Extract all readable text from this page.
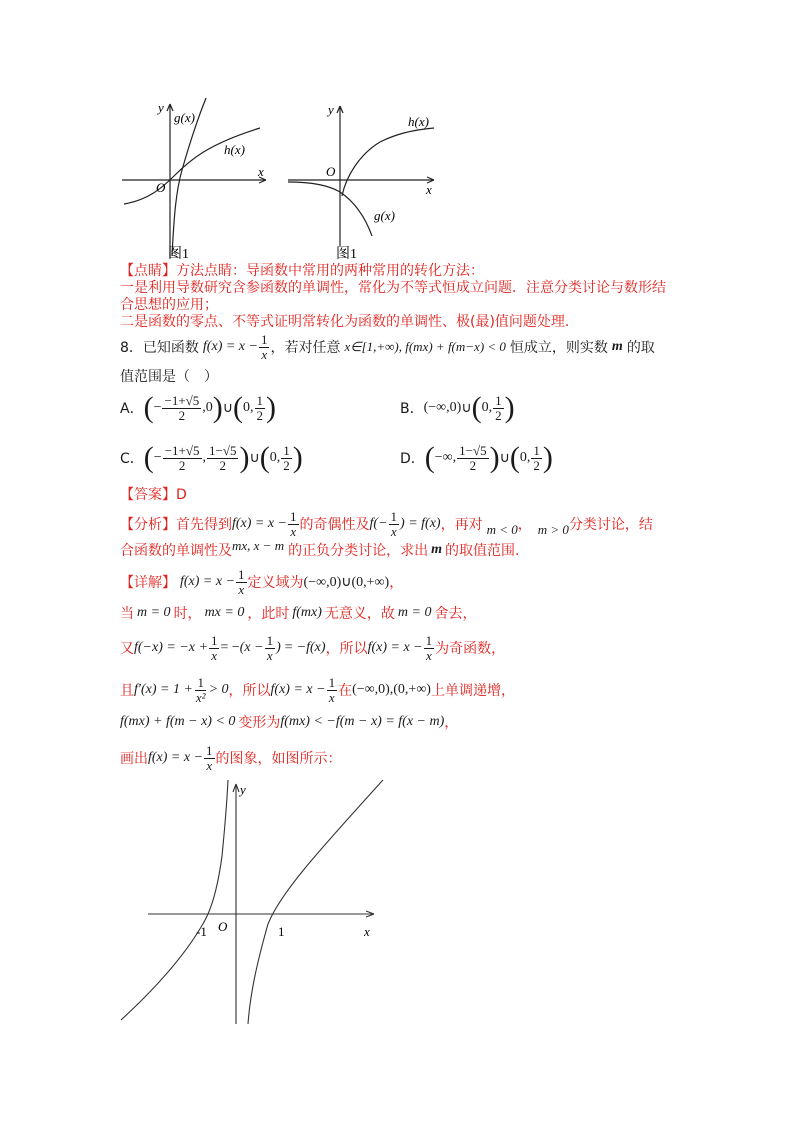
y
x
O
g(x)
h(x)
图1
y
x
O
g(x)
h(x)
图1
【点睛】方法点睛：导函数中常用的两种常用的转化方法：
一是利用导数研究含参函数的单调性，常化为不等式恒成立问题．注意分类讨论与数形结
合思想的应用；
二是函数的零点、不等式证明常转化为函数的单调性、极(最)值问题处理．
8． 已知函数 $f(x) = x - \frac{1}{x}$ ，若对任意 x∈[1,+∞), f(mx) + f(m−x) < 0 恒成立，则实数 m 的取
值范围是（　）
A． ( − $\frac{-1+√5}{2} ,0$ ) ∪ ( 0, $\frac{1}{2}$ )	B． (−∞,0) ∪ ( 0, $\frac{1}{2}$ )
C． ( − $\frac{-1+√5}{2}$ , $\frac{1-√5}{2}$ ) ∪ ( 0, $\frac{1}{2}$ )	D． ( −∞, $\frac{1-√5}{2}$ ) ∪ ( 0, $\frac{1}{2}$ )
【答案】D
【分析】 首先得到 $f(x) = x - \frac{1}{x}$ 的奇偶性及 $f(- \frac{1}{x}$ ) = f(x) ，再对 m < 0 ， m > 0 分类讨论，结
合函数的单调性及 mx, x − m 的正负分类讨论，求出 m 的取值范围.
【详解】 $f(x) = x - \frac{1}{x}$ 定义域为 (−∞,0)∪(0,+∞) ，
当 m = 0 时， mx = 0 ，此时 f(mx) 无意义，故 m = 0 舍去，
又 $f(-x) = -x + \frac{1}{x}$ = − ($x - \frac{1}{x}$ ) = −f(x) ，所以 $f(x) = x - \frac{1}{x}$ 为奇函数，
且 $f'(x) = 1 + \frac{1}{\text{x²}} > 0$ ，所以 $f(x) = x - \frac{1}{x}$ 在 (−∞,0),(0,+∞) 上单调递增，
f(mx) + f(m − x) < 0 变形为 f(mx) < −f(m − x) = f(x − m) ，
画出 $f(x) = x - \frac{1}{x}$ 的图象，如图所示：
y
x
O
-1	1
